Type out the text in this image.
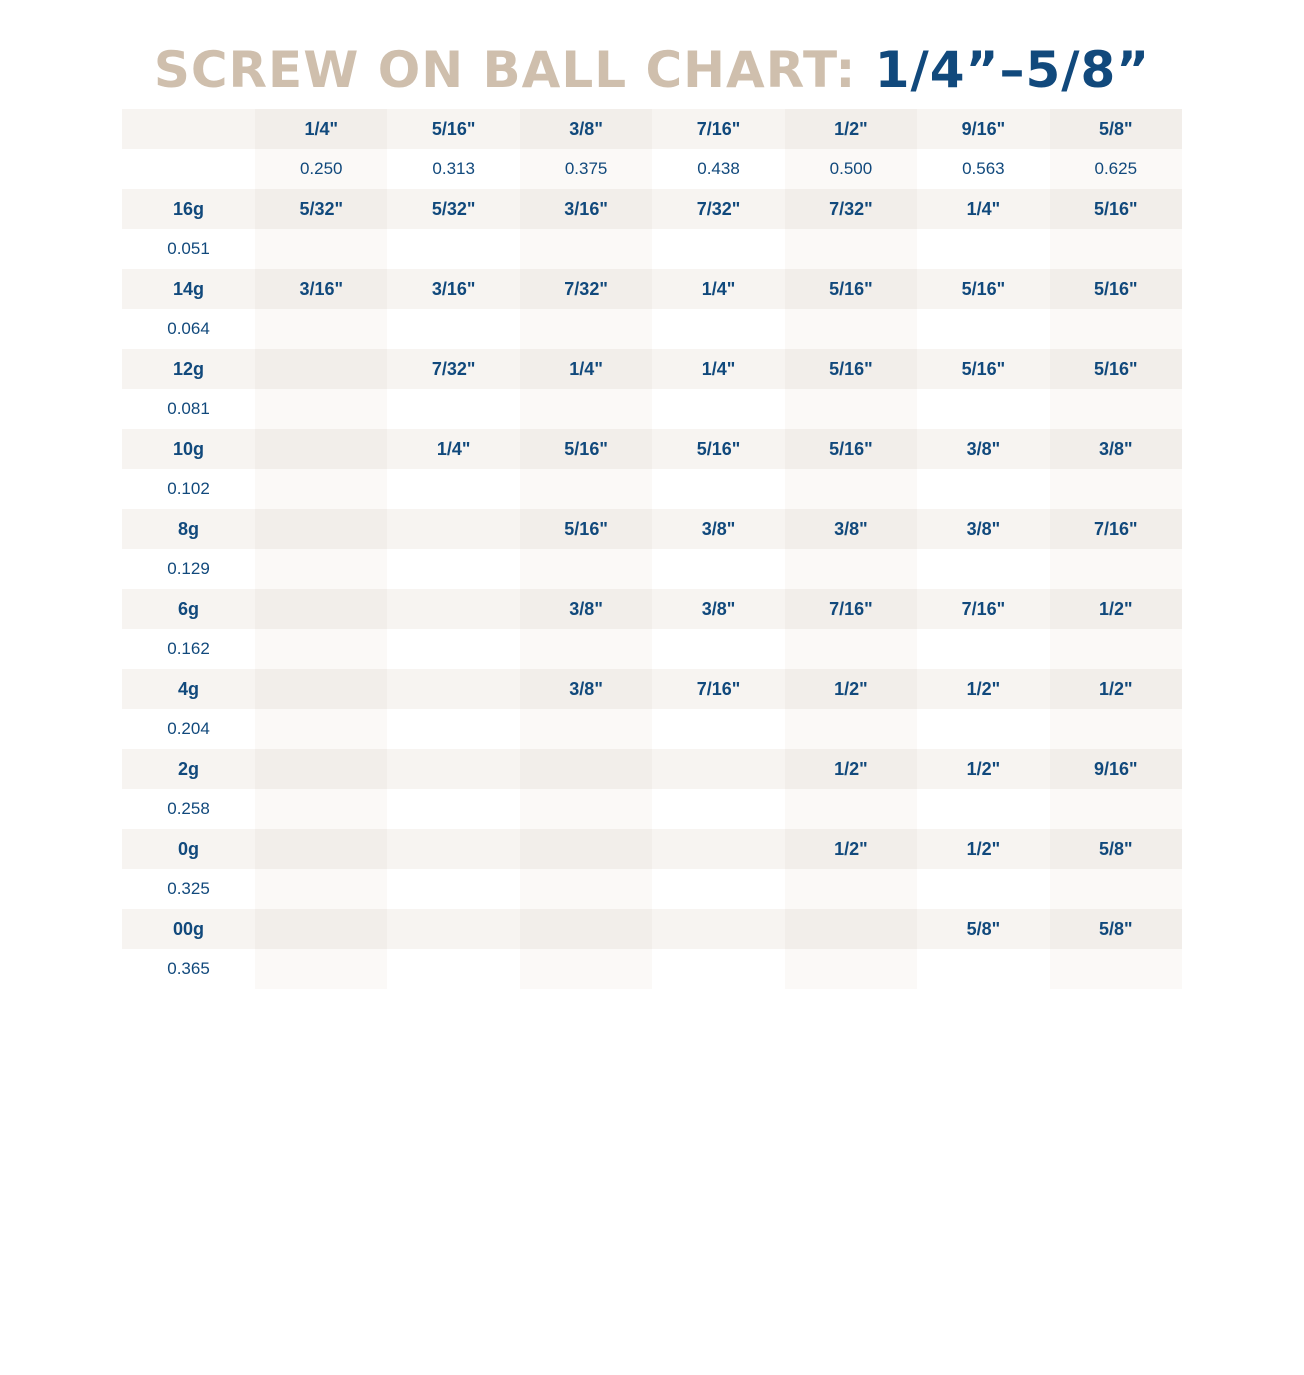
SCREW ON BALL CHART: 1/4”–5/8”
	1/4"	5/16"	3/8"	7/16"	1/2"	9/16"	5/8"
	0.250	0.313	0.375	0.438	0.500	0.563	0.625
16g	5/32"	5/32"	3/16"	7/32"	7/32"	1/4"	5/16"
0.051							
14g	3/16"	3/16"	7/32"	1/4"	5/16"	5/16"	5/16"
0.064							
12g		7/32"	1/4"	1/4"	5/16"	5/16"	5/16"
0.081							
10g		1/4"	5/16"	5/16"	5/16"	3/8"	3/8"
0.102							
8g			5/16"	3/8"	3/8"	3/8"	7/16"
0.129							
6g			3/8"	3/8"	7/16"	7/16"	1/2"
0.162							
4g			3/8"	7/16"	1/2"	1/2"	1/2"
0.204							
2g					1/2"	1/2"	9/16"
0.258							
0g					1/2"	1/2"	5/8"
0.325							
00g						5/8"	5/8"
0.365							
